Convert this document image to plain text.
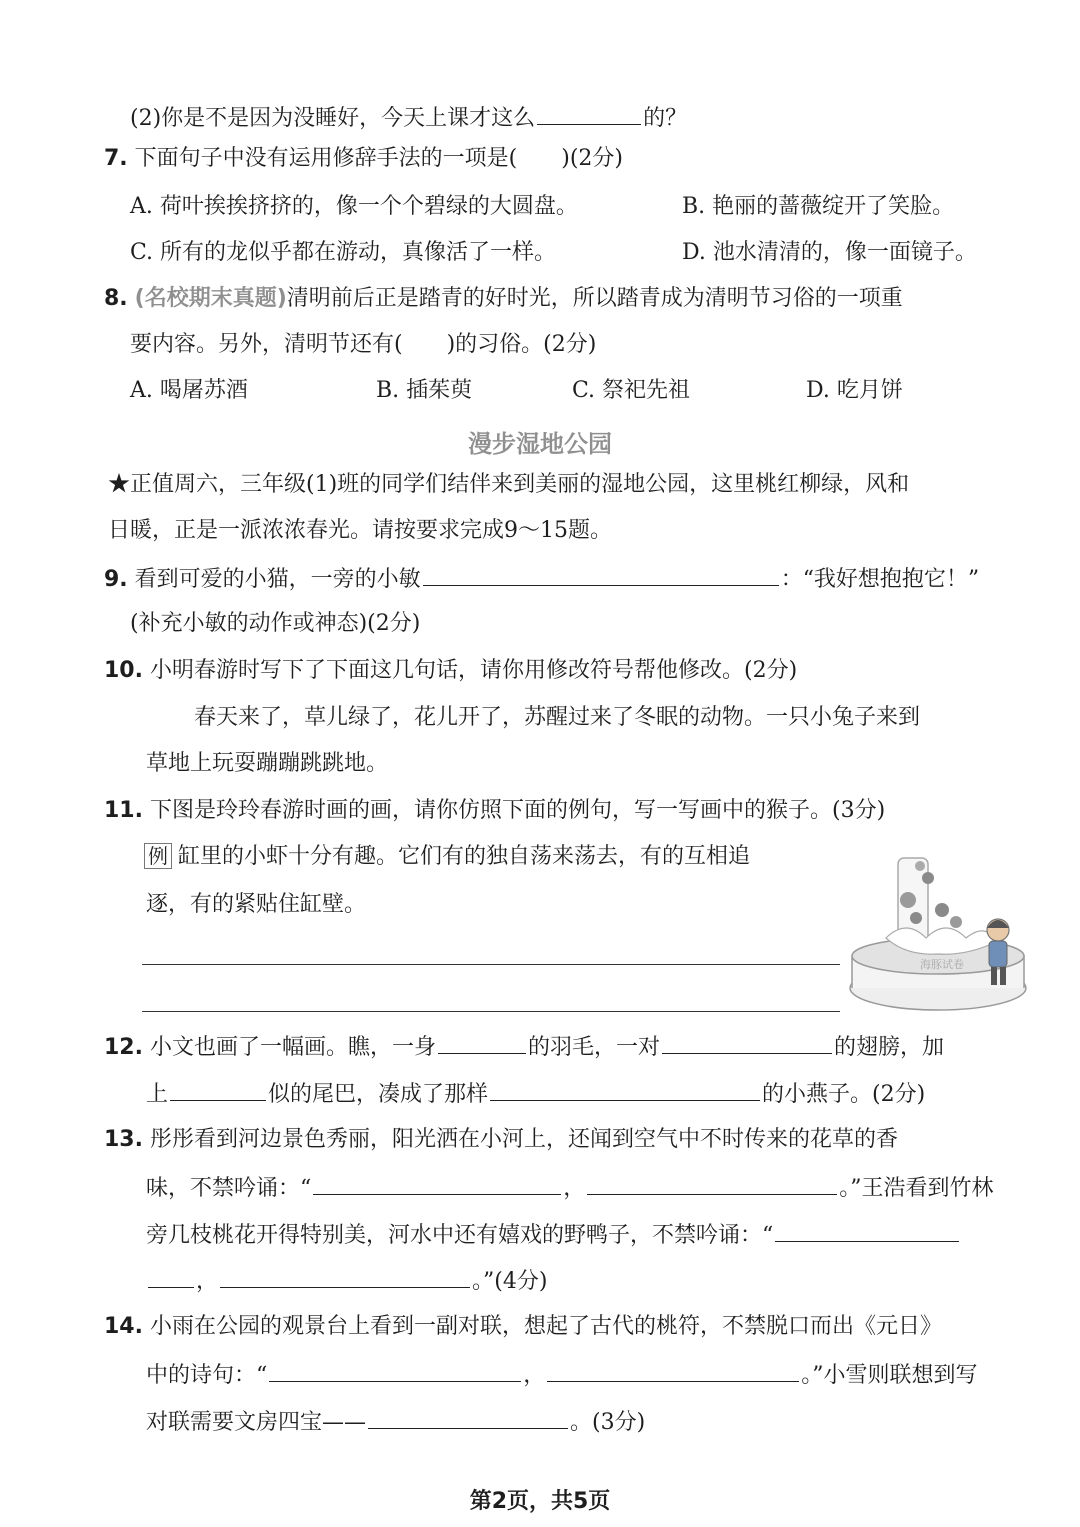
(2)你是不是因为没睡好，今天上课才这么	的？
7. 下面句子中没有运用修辞手法的一项是(　　)(2分)
A. 荷叶挨挨挤挤的，像一个个碧绿的大圆盘。	B. 艳丽的蔷薇绽开了笑脸。
C. 所有的龙似乎都在游动，真像活了一样。	D. 池水清清的，像一面镜子。
8. (名校期末真题)清明前后正是踏青的好时光，所以踏青成为清明节习俗的一项重
要内容。另外，清明节还有(　　)的习俗。(2分)
A. 喝屠苏酒	B. 插茱萸	C. 祭祀先祖	D. 吃月饼
漫步湿地公园
★正值周六，三年级(1)班的同学们结伴来到美丽的湿地公园，这里桃红柳绿，风和
日暖，正是一派浓浓春光。请按要求完成9～15题。
9. 看到可爱的小猫，一旁的小敏	：“我好想抱抱它！”
(补充小敏的动作或神态)(2分)
10. 小明春游时写下了下面这几句话，请你用修改符号帮他修改。(2分)
春天来了，草儿绿了，花儿开了，苏醒过来了冬眠的动物。一只小兔子来到
草地上玩耍蹦蹦跳跳地。
11. 下图是玲玲春游时画的画，请你仿照下面的例句，写一写画中的猴子。(3分)
例 缸里的小虾十分有趣。它们有的独自荡来荡去，有的互相追
逐，有的紧贴住缸壁。
海豚试卷
12. 小文也画了一幅画。瞧，一身	的羽毛，一对	的翅膀，加
上	似的尾巴，凑成了那样	的小燕子。(2分)
13. 彤彤看到河边景色秀丽，阳光洒在小河上，还闻到空气中不时传来的花草的香
味，不禁吟诵：“	，	。”王浩看到竹林
旁几枝桃花开得特别美，河水中还有嬉戏的野鸭子，不禁吟诵：“
，	。”(4分)
14. 小雨在公园的观景台上看到一副对联，想起了古代的桃符，不禁脱口而出《元日》
中的诗句：“	，	。”小雪则联想到写
对联需要文房四宝——	。(3分)
第2页，共5页
